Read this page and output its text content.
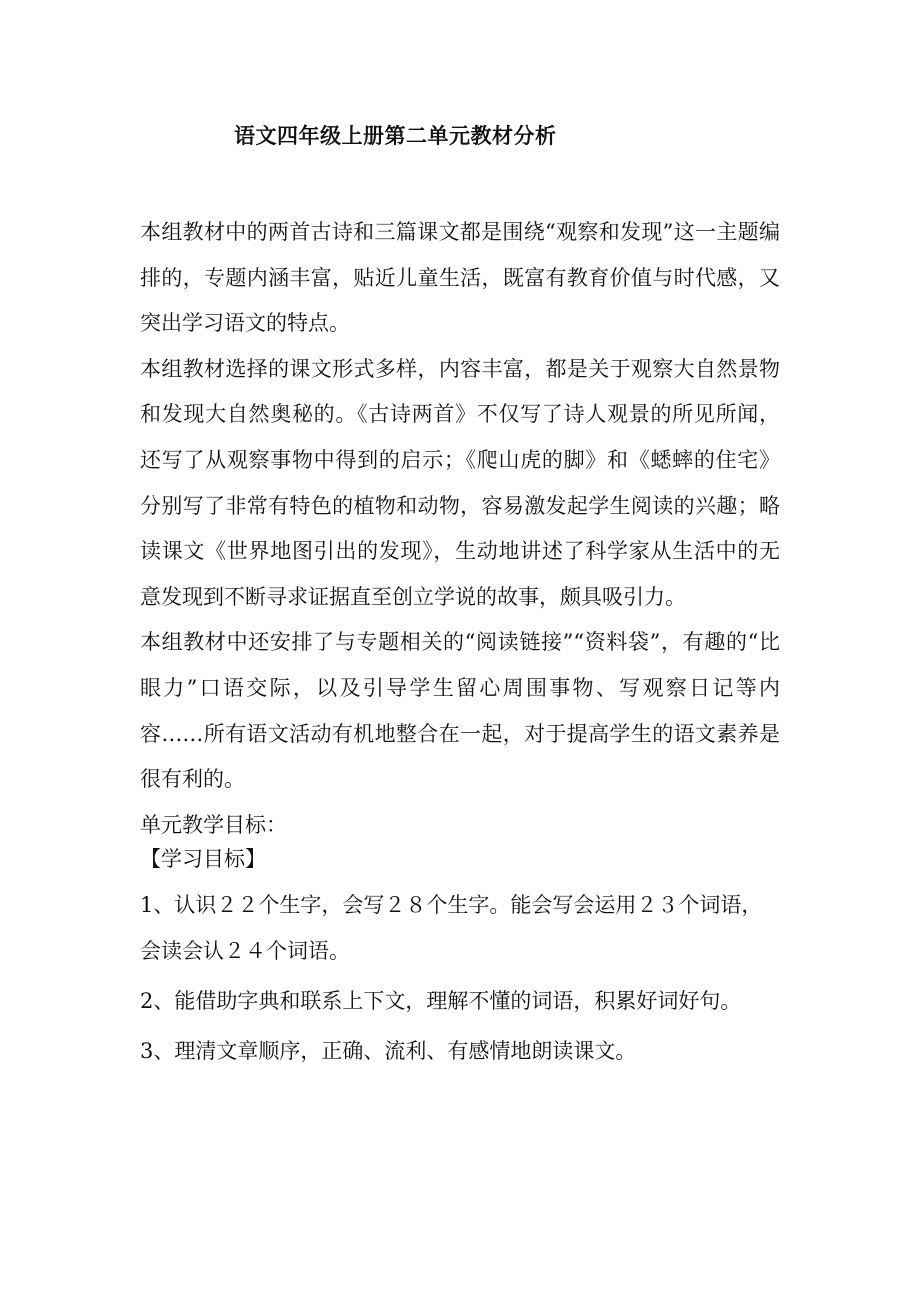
语文四年级上册第二单元教材分析

本组教材中的两首古诗和三篇课文都是围绕“观察和发现”这一主题编排的，专题内涵丰富，贴近儿童生活，既富有教育价值与时代感，又突出学习语文的特点。

本组教材选择的课文形式多样，内容丰富，都是关于观察大自然景物和发现大自然奥秘的。《古诗两首》不仅写了诗人观景的所见所闻，还写了从观察事物中得到的启示；《爬山虎的脚》和《蟋蟀的住宅》分别写了非常有特色的植物和动物，容易激发起学生阅读的兴趣；略读课文《世界地图引出的发现》，生动地讲述了科学家从生活中的无意发现到不断寻求证据直至创立学说的故事，颇具吸引力。

本组教材中还安排了与专题相关的“阅读链接”“资料袋”，有趣的“比眼力”口语交际，以及引导学生留心周围事物、写观察日记等内容……所有语文活动有机地整合在一起，对于提高学生的语文素养是很有利的。

单元教学目标：

【学习目标】

1、认识２２个生字，会写２８个生字。能会写会运用２３个词语，会读会认２４个词语。

2、能借助字典和联系上下文，理解不懂的词语，积累好词好句。

3、理清文章顺序，正确、流利、有感情地朗读课文。
